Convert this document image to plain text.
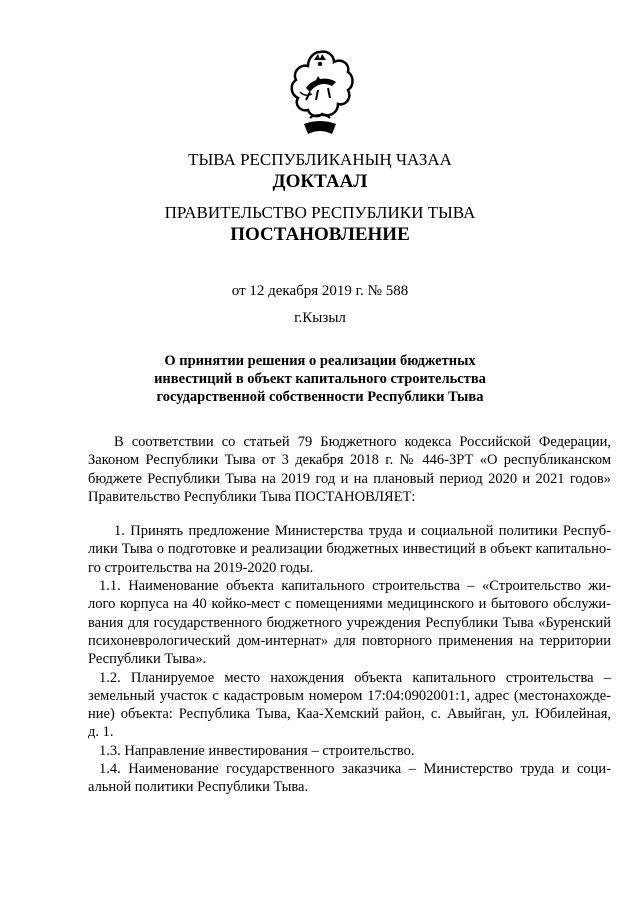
ТЫВА РЕСПУБЛИКАНЫҢ ЧАЗАА
ДОКТААЛ
ПРАВИТЕЛЬСТВО РЕСПУБЛИКИ ТЫВА
ПОСТАНОВЛЕНИЕ
от 12 декабря 2019 г. № 588
г.Кызыл
О принятии решения о реализации бюджетных
инвестиций в объект капитального строительства
государственной собственности Республики Тыва
В соответствии со статьей 79 Бюджетного кодекса Российской Федерации,
Законом Республики Тыва от 3 декабря 2018 г. № 446-ЗРТ «О республиканском
бюджете Республики Тыва на 2019 год и на плановый период 2020 и 2021 годов»
Правительство Республики Тыва ПОСТАНОВЛЯЕТ:
1. Принять предложение Министерства труда и социальной политики Респуб-
лики Тыва о подготовке и реализации бюджетных инвестиций в объект капитально-
го строительства на 2019-2020 годы.
1.1. Наименование объекта капитального строительства – «Строительство жи-
лого корпуса на 40 койко-мест с помещениями медицинского и бытового обслужи-
вания для государственного бюджетного учреждения Республики Тыва «Буренский
психоневрологический дом-интернат» для повторного применения на территории
Республики Тыва».
1.2. Планируемое место нахождения объекта капитального строительства –
земельный участок с кадастровым номером 17:04:0902001:1, адрес (местонахожде-
ние) объекта: Республика Тыва, Каа-Хемский район, с. Авыйган, ул. Юбилейная,
д. 1.
1.3. Направление инвестирования – строительство.
1.4. Наименование государственного заказчика – Министерство труда и соци-
альной политики Республики Тыва.
